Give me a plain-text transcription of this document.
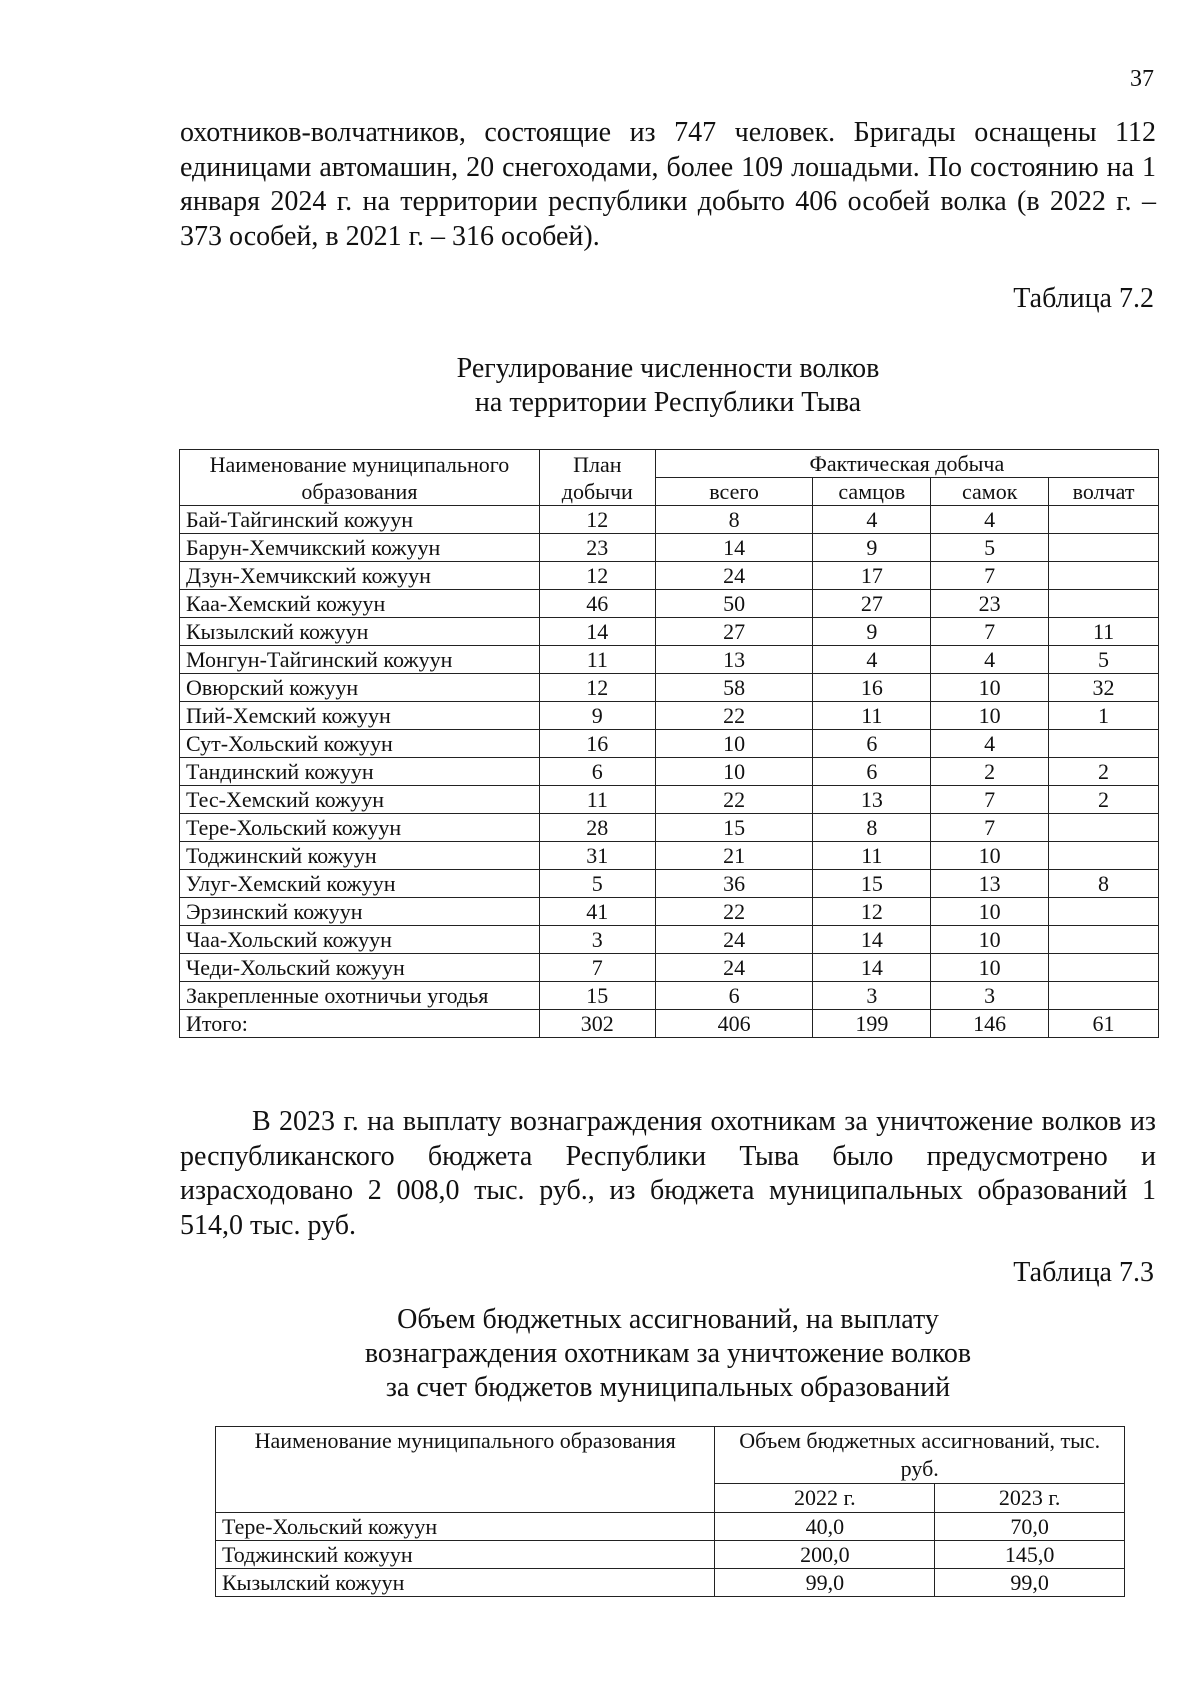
37

охотников-волчатников, состоящие из 747 человек. Бригады оснащены 112 единицами автомашин, 20 снегоходами, более 109 лошадьми. По состоянию на 1 января 2024 г. на территории республики добыто 406 особей волка (в 2022 г. – 373 особей, в 2021 г. – 316 особей).

Таблица 7.2
Регулирование численности волков
на территории Республики Тыва
Наименование муниципального образования	План добычи	Фактическая добыча			
		всего	самцов	самок	волчат
Бай-Тайгинский кожуун	12	8	4	4	
Барун-Хемчикский кожуун	23	14	9	5	
Дзун-Хемчикский кожуун	12	24	17	7	
Каа-Хемский кожуун	46	50	27	23	
Кызылский кожуун	14	27	9	7	11
Монгун-Тайгинский кожуун	11	13	4	4	5
Овюрский кожуун	12	58	16	10	32
Пий-Хемский кожуун	9	22	11	10	1
Сут-Хольский кожуун	16	10	6	4	
Тандинский кожуун	6	10	6	2	2
Тес-Хемский кожуун	11	22	13	7	2
Тере-Хольский кожуун	28	15	8	7	
Тоджинский кожуун	31	21	11	10	
Улуг-Хемский кожуун	5	36	15	13	8
Эрзинский кожуун	41	22	12	10	
Чаа-Хольский кожуун	3	24	14	10	
Чеди-Хольский кожуун	7	24	14	10	
Закрепленные охотничьи угодья	15	6	3	3	
Итого:	302	406	199	146	61

В 2023 г. на выплату вознаграждения охотникам за уничтожение волков из республиканского бюджета Республики Тыва было предусмотрено и израсходовано 2 008,0 тыс. руб., из бюджета муниципальных образований 1 514,0 тыс. руб.

Таблица 7.3
Объем бюджетных ассигнований, на выплату
вознаграждения охотникам за уничтожение волков
за счет бюджетов муниципальных образований
Наименование муниципального образования	Объем бюджетных ассигнований, тыс. руб.	
	2022 г.	2023 г.
Тере-Хольский кожуун	40,0	70,0
Тоджинский кожуун	200,0	145,0
Кызылский кожуун	99,0	99,0
